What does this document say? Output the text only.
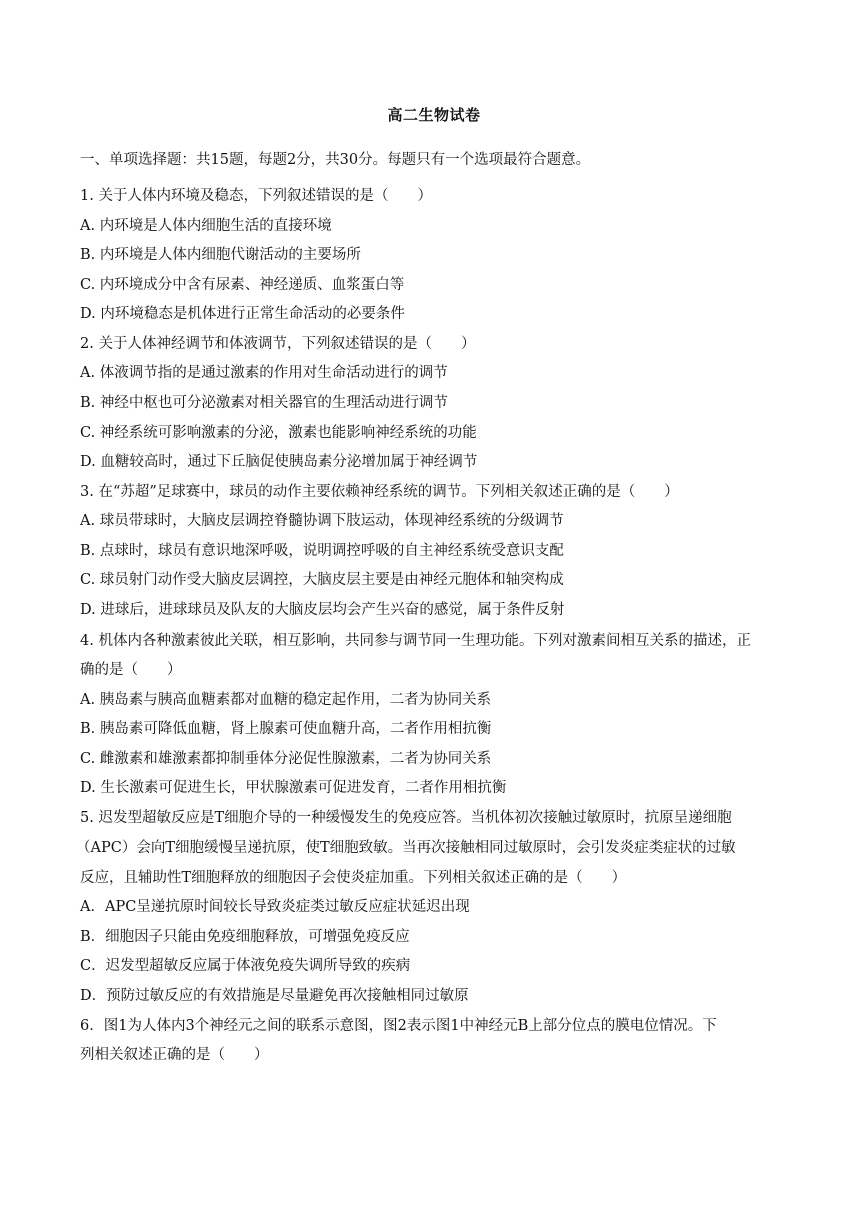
高二生物试卷
一、单项选择题：共15题，每题2分，共30分。每题只有一个选项最符合题意。
1. 关于人体内环境及稳态，下列叙述错误的是（　　）
A. 内环境是人体内细胞生活的直接环境
B. 内环境是人体内细胞代谢活动的主要场所
C. 内环境成分中含有尿素、神经递质、血浆蛋白等
D. 内环境稳态是机体进行正常生命活动的必要条件
2. 关于人体神经调节和体液调节，下列叙述错误的是（　　）
A. 体液调节指的是通过激素的作用对生命活动进行的调节
B. 神经中枢也可分泌激素对相关器官的生理活动进行调节
C. 神经系统可影响激素的分泌，激素也能影响神经系统的功能
D. 血糖较高时，通过下丘脑促使胰岛素分泌增加属于神经调节
3. 在“苏超”足球赛中，球员的动作主要依赖神经系统的调节。下列相关叙述正确的是（　　）
A. 球员带球时，大脑皮层调控脊髓协调下肢运动，体现神经系统的分级调节
B. 点球时，球员有意识地深呼吸，说明调控呼吸的自主神经系统受意识支配
C. 球员射门动作受大脑皮层调控，大脑皮层主要是由神经元胞体和轴突构成
D. 进球后，进球球员及队友的大脑皮层均会产生兴奋的感觉，属于条件反射
4. 机体内各种激素彼此关联，相互影响，共同参与调节同一生理功能。下列对激素间相互关系的描述，正
确的是（　　）
A. 胰岛素与胰高血糖素都对血糖的稳定起作用，二者为协同关系
B. 胰岛素可降低血糖，肾上腺素可使血糖升高，二者作用相抗衡
C. 雌激素和雄激素都抑制垂体分泌促性腺激素，二者为协同关系
D. 生长激素可促进生长，甲状腺激素可促进发育，二者作用相抗衡
5. 迟发型超敏反应是T细胞介导的一种缓慢发生的免疫应答。当机体初次接触过敏原时，抗原呈递细胞
（APC）会向T细胞缓慢呈递抗原，使T细胞致敏。当再次接触相同过敏原时，会引发炎症类症状的过敏
反应，且辅助性T细胞释放的细胞因子会使炎症加重。下列相关叙述正确的是（　　）
A．APC呈递抗原时间较长导致炎症类过敏反应症状延迟出现
B．细胞因子只能由免疫细胞释放，可增强免疫反应
C．迟发型超敏反应属于体液免疫失调所导致的疾病
D．预防过敏反应的有效措施是尽量避免再次接触相同过敏原
6．图1为人体内3个神经元之间的联系示意图，图2表示图1中神经元B上部分位点的膜电位情况。下
列相关叙述正确的是（　　）
